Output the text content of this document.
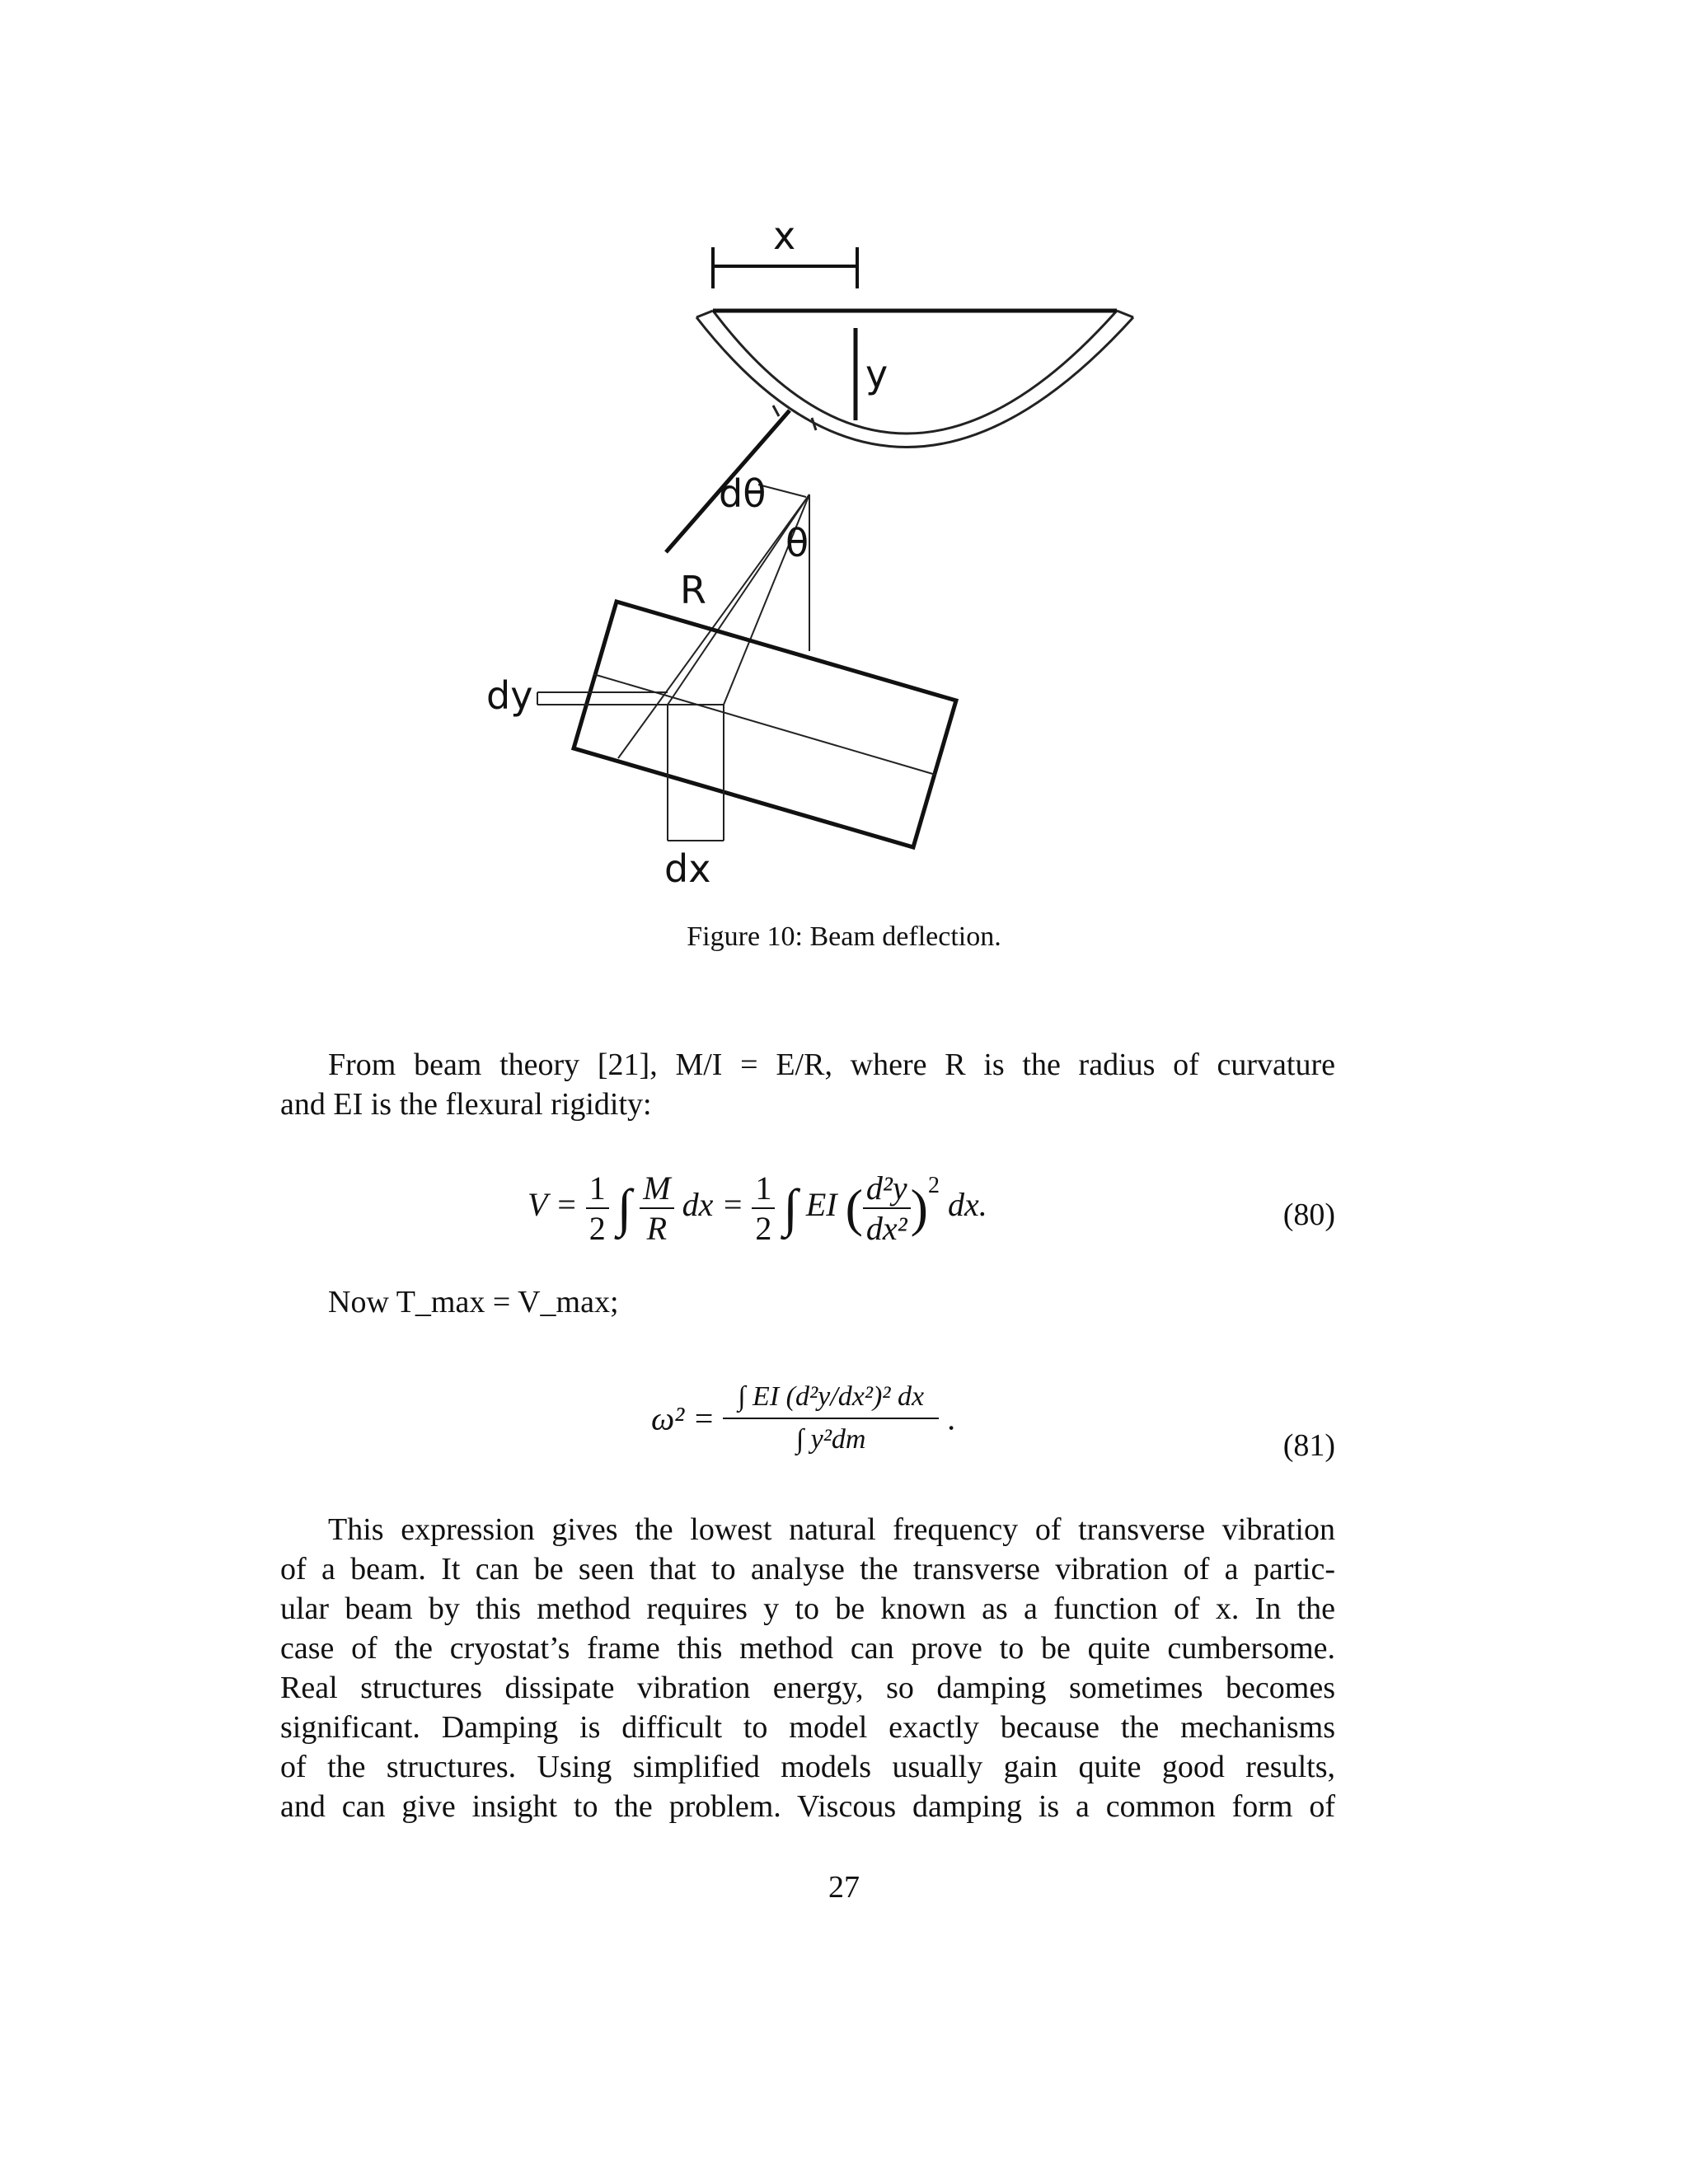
x
y
R
dθ
θ
dy
dx
Figure 10: Beam deflection.
From beam theory [21], M/I = E/R, where R is the radius of curvature
and EI is the flexural rigidity:
$V = \frac{1}{2}$ ∫ $\frac{M}{R}$ dx = $\frac{1}{2}$ ∫ EI ( $\frac{\text{d²y}}{\text{dx²}} )^2$ dx.	(80)
Now T_max = V_max;
$\omega^2 = \frac{\text{∫ EI (d²y/dx²)² dx}}{\text{∫ y²dm}}$ .
(81)
This expression gives the lowest natural frequency of transverse vibration
of a beam. It can be seen that to analyse the transverse vibration of a partic-
ular beam by this method requires y to be known as a function of x. In the
case of the cryostat’s frame this method can prove to be quite cumbersome.
Real structures dissipate vibration energy, so damping sometimes becomes
significant. Damping is difficult to model exactly because the mechanisms
of the structures. Using simplified models usually gain quite good results,
and can give insight to the problem. Viscous damping is a common form of
27
